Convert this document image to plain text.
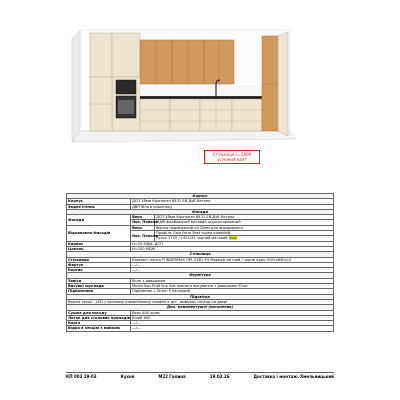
Стільниця L=5000
усічений кант
Корпус		
Корпус	ДСП 18мм Кронопан 8431 SN Дуб Натано	
Задня стінка	ДВП біла в кишеньку	
Фасади		
Фасади	Верх	ДСП 18мм Кронопан 8431 SN Дуб Натано
	Низ, Пенали	МДФ фарбований матовий шуроізгорований
Відчинання Фасадів	Верх	Фасад подовжений на 20мм для відкривання
	Низ, Пенали	Профіль Gola Ferro Post чорна алюміній
		Ручка 1720 / 1452/32 чорний матовий 2шт
Карниз	Н=20 МДФ, ДСП	
Цоколь	Н=100 МДФ	
Стільниця		
Стільниця	Компакт-плита FUNDERMAX HPL 0581 FH Мармур світлий / чорне ядро 4100х640х12	
Фартук	—/—	
Бортик	—/—	
Фурнітура		
Завіси	Blum з доводжем	
Висувні шухляди	Muller Box Profi line Slot повного висування з доводжем 50шт	
Підйомники	Підйомник L Strom 5 ланковий	
Підсвітка		
Верхні секції - LED у врізному алюмінієвому профілі в дні - вимикач сенсор на двері		
Доп. комплектуючі (натхнення)		
Сушка для посуду	Верх 600 хром	
Лоток для столових приладів	Білий 600	
Карго	—/—	
Відро в секцію з мийкою	—/—	
КП 002 19-03	Кухня	М22 Галина	19.03.26	Доставка і монтаж: Хмельницький
